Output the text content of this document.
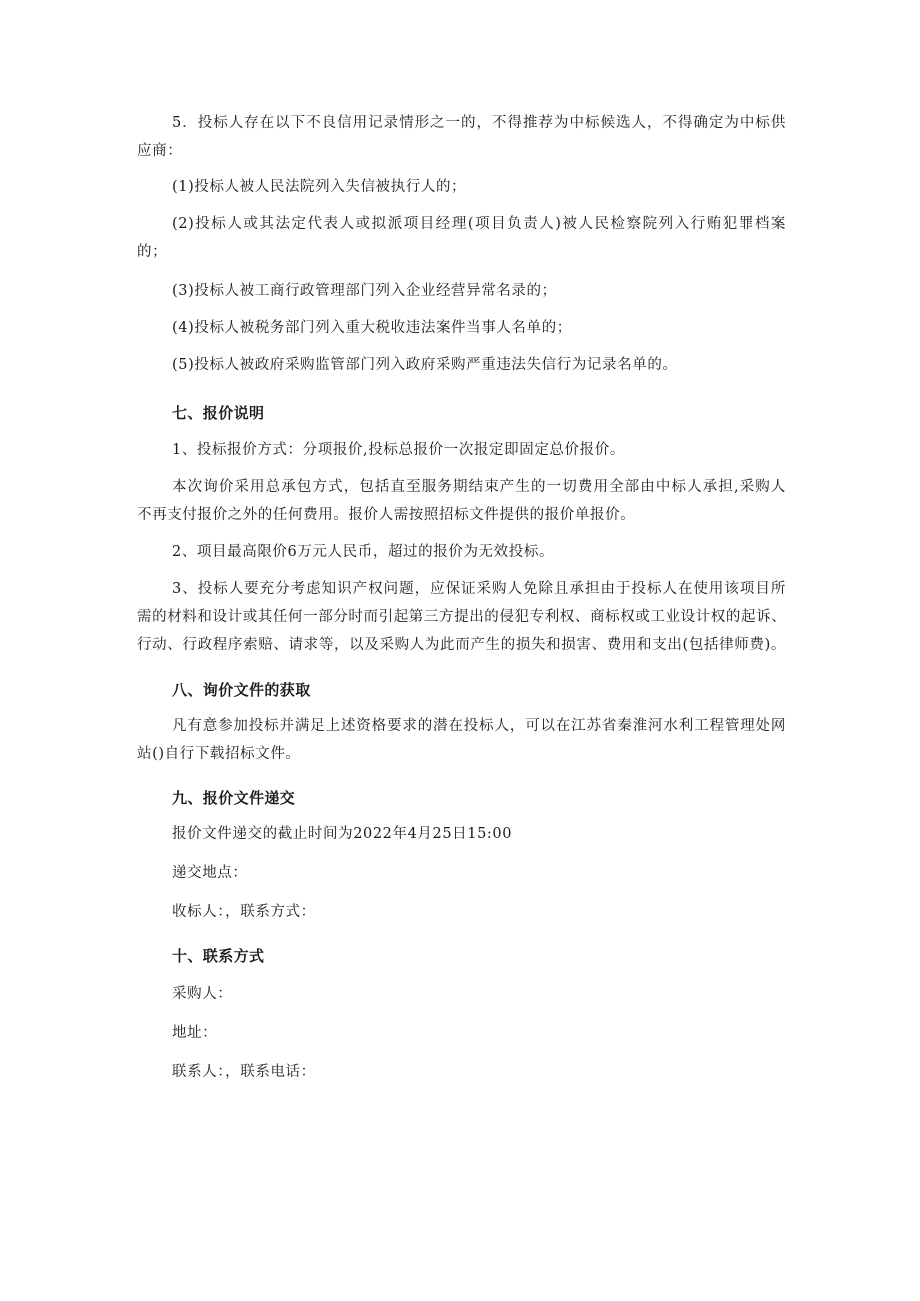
5．投标人存在以下不良信用记录情形之一的，不得推荐为中标候选人，不得确定为中标供
应商：
(1)投标人被人民法院列入失信被执行人的；
(2)投标人或其法定代表人或拟派项目经理(项目负责人)被人民检察院列入行贿犯罪档案
的；
(3)投标人被工商行政管理部门列入企业经营异常名录的；
(4)投标人被税务部门列入重大税收违法案件当事人名单的；
(5)投标人被政府采购监管部门列入政府采购严重违法失信行为记录名单的。
七、报价说明
1、投标报价方式：分项报价,投标总报价一次报定即固定总价报价。
本次询价采用总承包方式，包括直至服务期结束产生的一切费用全部由中标人承担,采购人
不再支付报价之外的任何费用。报价人需按照招标文件提供的报价单报价。
2、项目最高限价6万元人民币，超过的报价为无效投标。
3、投标人要充分考虑知识产权问题，应保证采购人免除且承担由于投标人在使用该项目所
需的材料和设计或其任何一部分时而引起第三方提出的侵犯专利权、商标权或工业设计权的起诉、
行动、行政程序索赔、请求等，以及采购人为此而产生的损失和损害、费用和支出(包括律师费)。
八、询价文件的获取
凡有意参加投标并满足上述资格要求的潜在投标人，可以在江苏省秦淮河水利工程管理处网
站()自行下载招标文件。
九、报价文件递交
报价文件递交的截止时间为2022年4月25日15:00
递交地点：
收标人：，联系方式：
十、联系方式
采购人：
地址：
联系人：，联系电话：
